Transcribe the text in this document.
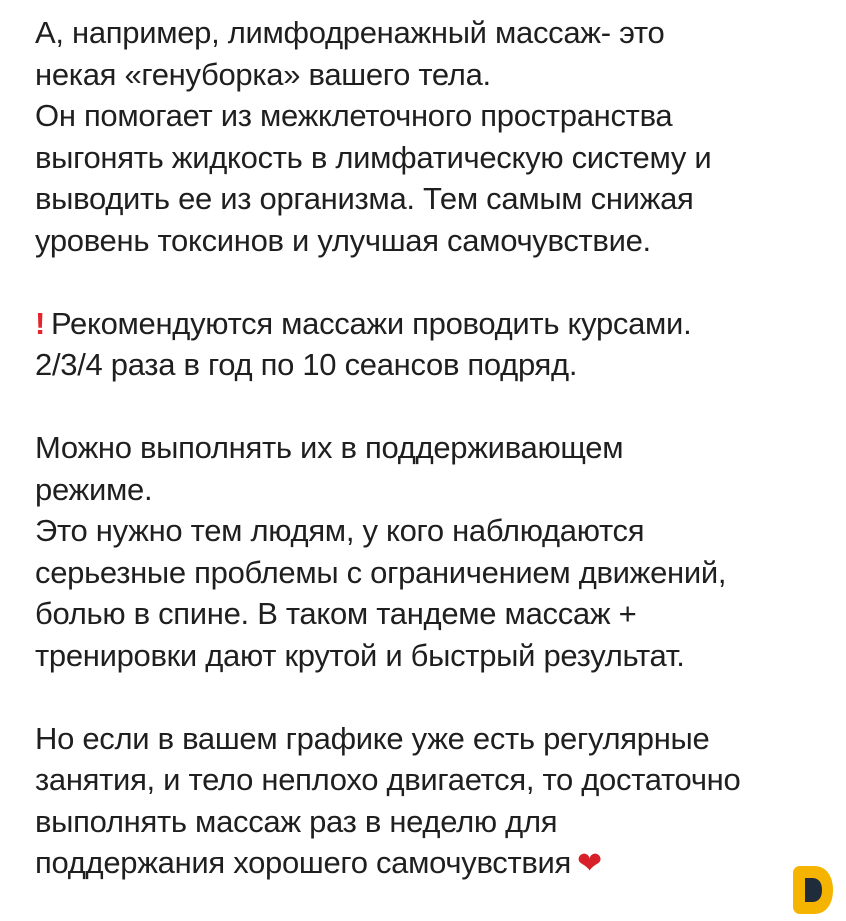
А, например, лимфодренажный массаж- это
некая «генуборка» вашего тела.
Он помогает из межклеточного пространства
выгонять жидкость в лимфатическую систему и
выводить ее из организма. Тем самым снижая
уровень токсинов и улучшая самочувствие.
! Рекомендуются массажи проводить курсами.
2/3/4 раза в год по 10 сеансов подряд.
Можно выполнять их в поддерживающем
режиме.
Это нужно тем людям, у кого наблюдаются
серьезные проблемы с ограничением движений,
болью в спине. В таком тандеме массаж +
тренировки дают крутой и быстрый результат.
Но если в вашем графике уже есть регулярные
занятия, и тело неплохо двигается, то достаточно
выполнять массаж раз в неделю для
поддержания хорошего самочувствия ❤
